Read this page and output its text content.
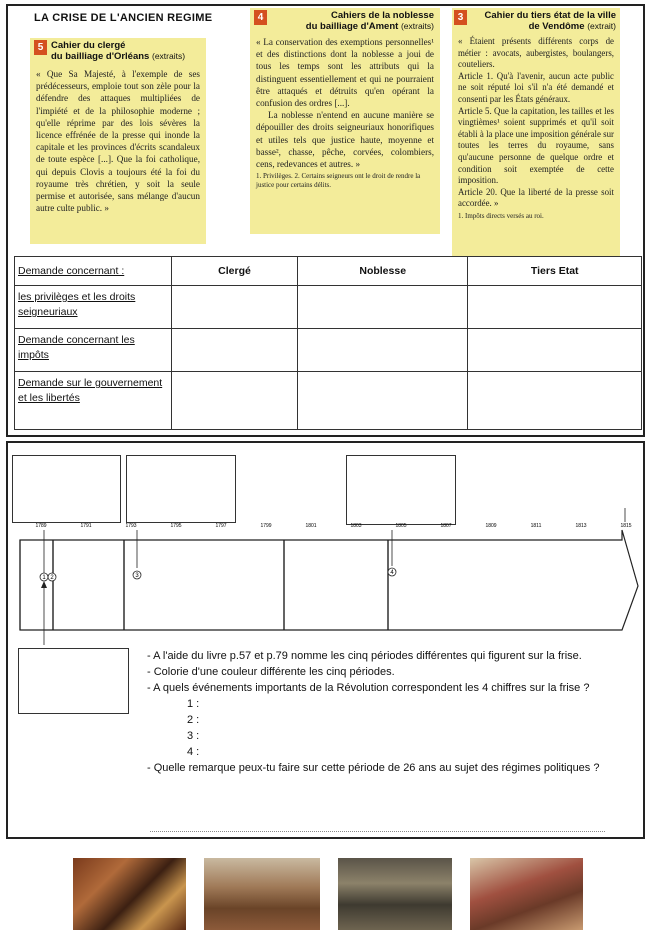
LA CRISE DE L'ANCIEN REGIME
5 Cahier du clergé
du bailliage d'Orléans (extraits)
« Que Sa Majesté, à l'exemple de ses prédécesseurs, emploie tout son zèle pour la défendre des attaques multipliées de l'impiété et de la philosophie moderne ; qu'elle réprime par des lois sévères la licence effrénée de la presse qui inonde la capitale et les provinces d'écrits scandaleux de toute espèce [...]. Que la foi catholique, qui depuis Clovis a toujours été la foi du royaume très chrétien, y soit la seule permise et autorisée, sans mélange d'aucun autre culte public. »
4	Cahiers de la noblesse
du bailliage d'Ament (extraits)
« La conservation des exemptions personnelles¹ et des distinctions dont la noblesse a joui de tous les temps sont les attributs qui la distinguent essentiellement et qui ne pourraient être attaqués et détruits qu'en opérant la confusion des ordres [...].
La noblesse n'entend en aucune manière se dépouiller des droits seigneuriaux honorifiques et utiles tels que justice haute, moyenne et basse², chasse, pêche, corvées, colombiers, cens, redevances et autres. »
1. Privilèges. 2. Certains seigneurs ont le droit de rendre la justice pour certains délits.
3	Cahier du tiers état de la ville
de Vendôme (extrait)
« Étaient présents différents corps de métier : avocats, aubergistes, boulangers, couteliers.
Article 1. Qu'à l'avenir, aucun acte public ne soit réputé loi s'il n'a été demandé et consenti par les États généraux.
Article 5. Que la capitation, les tailles et les vingtièmes¹ soient supprimés et qu'il soit établi à la place une imposition générale sur toutes les terres du royaume, sans qu'aucune personne de quelque ordre et condition soit exemptée de cette imposition.
Article 20. Que la liberté de la presse soit accordée. »
1. Impôts directs versés au roi.
Demande concernant :	Clergé	Noblesse	Tiers Etat
les privilèges et les droits seigneuriaux			
Demande concernant les impôts			
Demande sur le gouvernement et les libertés			
1789	1791	1793	1795	1797	1799	1801	1803	1805	1807	1809	1811	1813	1815
1 2	3	4
- A l'aide du livre p.57 et p.79 nomme les cinq périodes différentes qui figurent sur la frise.
- Colorie d'une couleur différente les cinq périodes.
- A quels événements importants de la Révolution correspondent les 4 chiffres sur la frise ?
1 :
2 :
3 :
4 :
- Quelle remarque peux-tu faire sur cette période de 26 ans au sujet des régimes politiques ?
